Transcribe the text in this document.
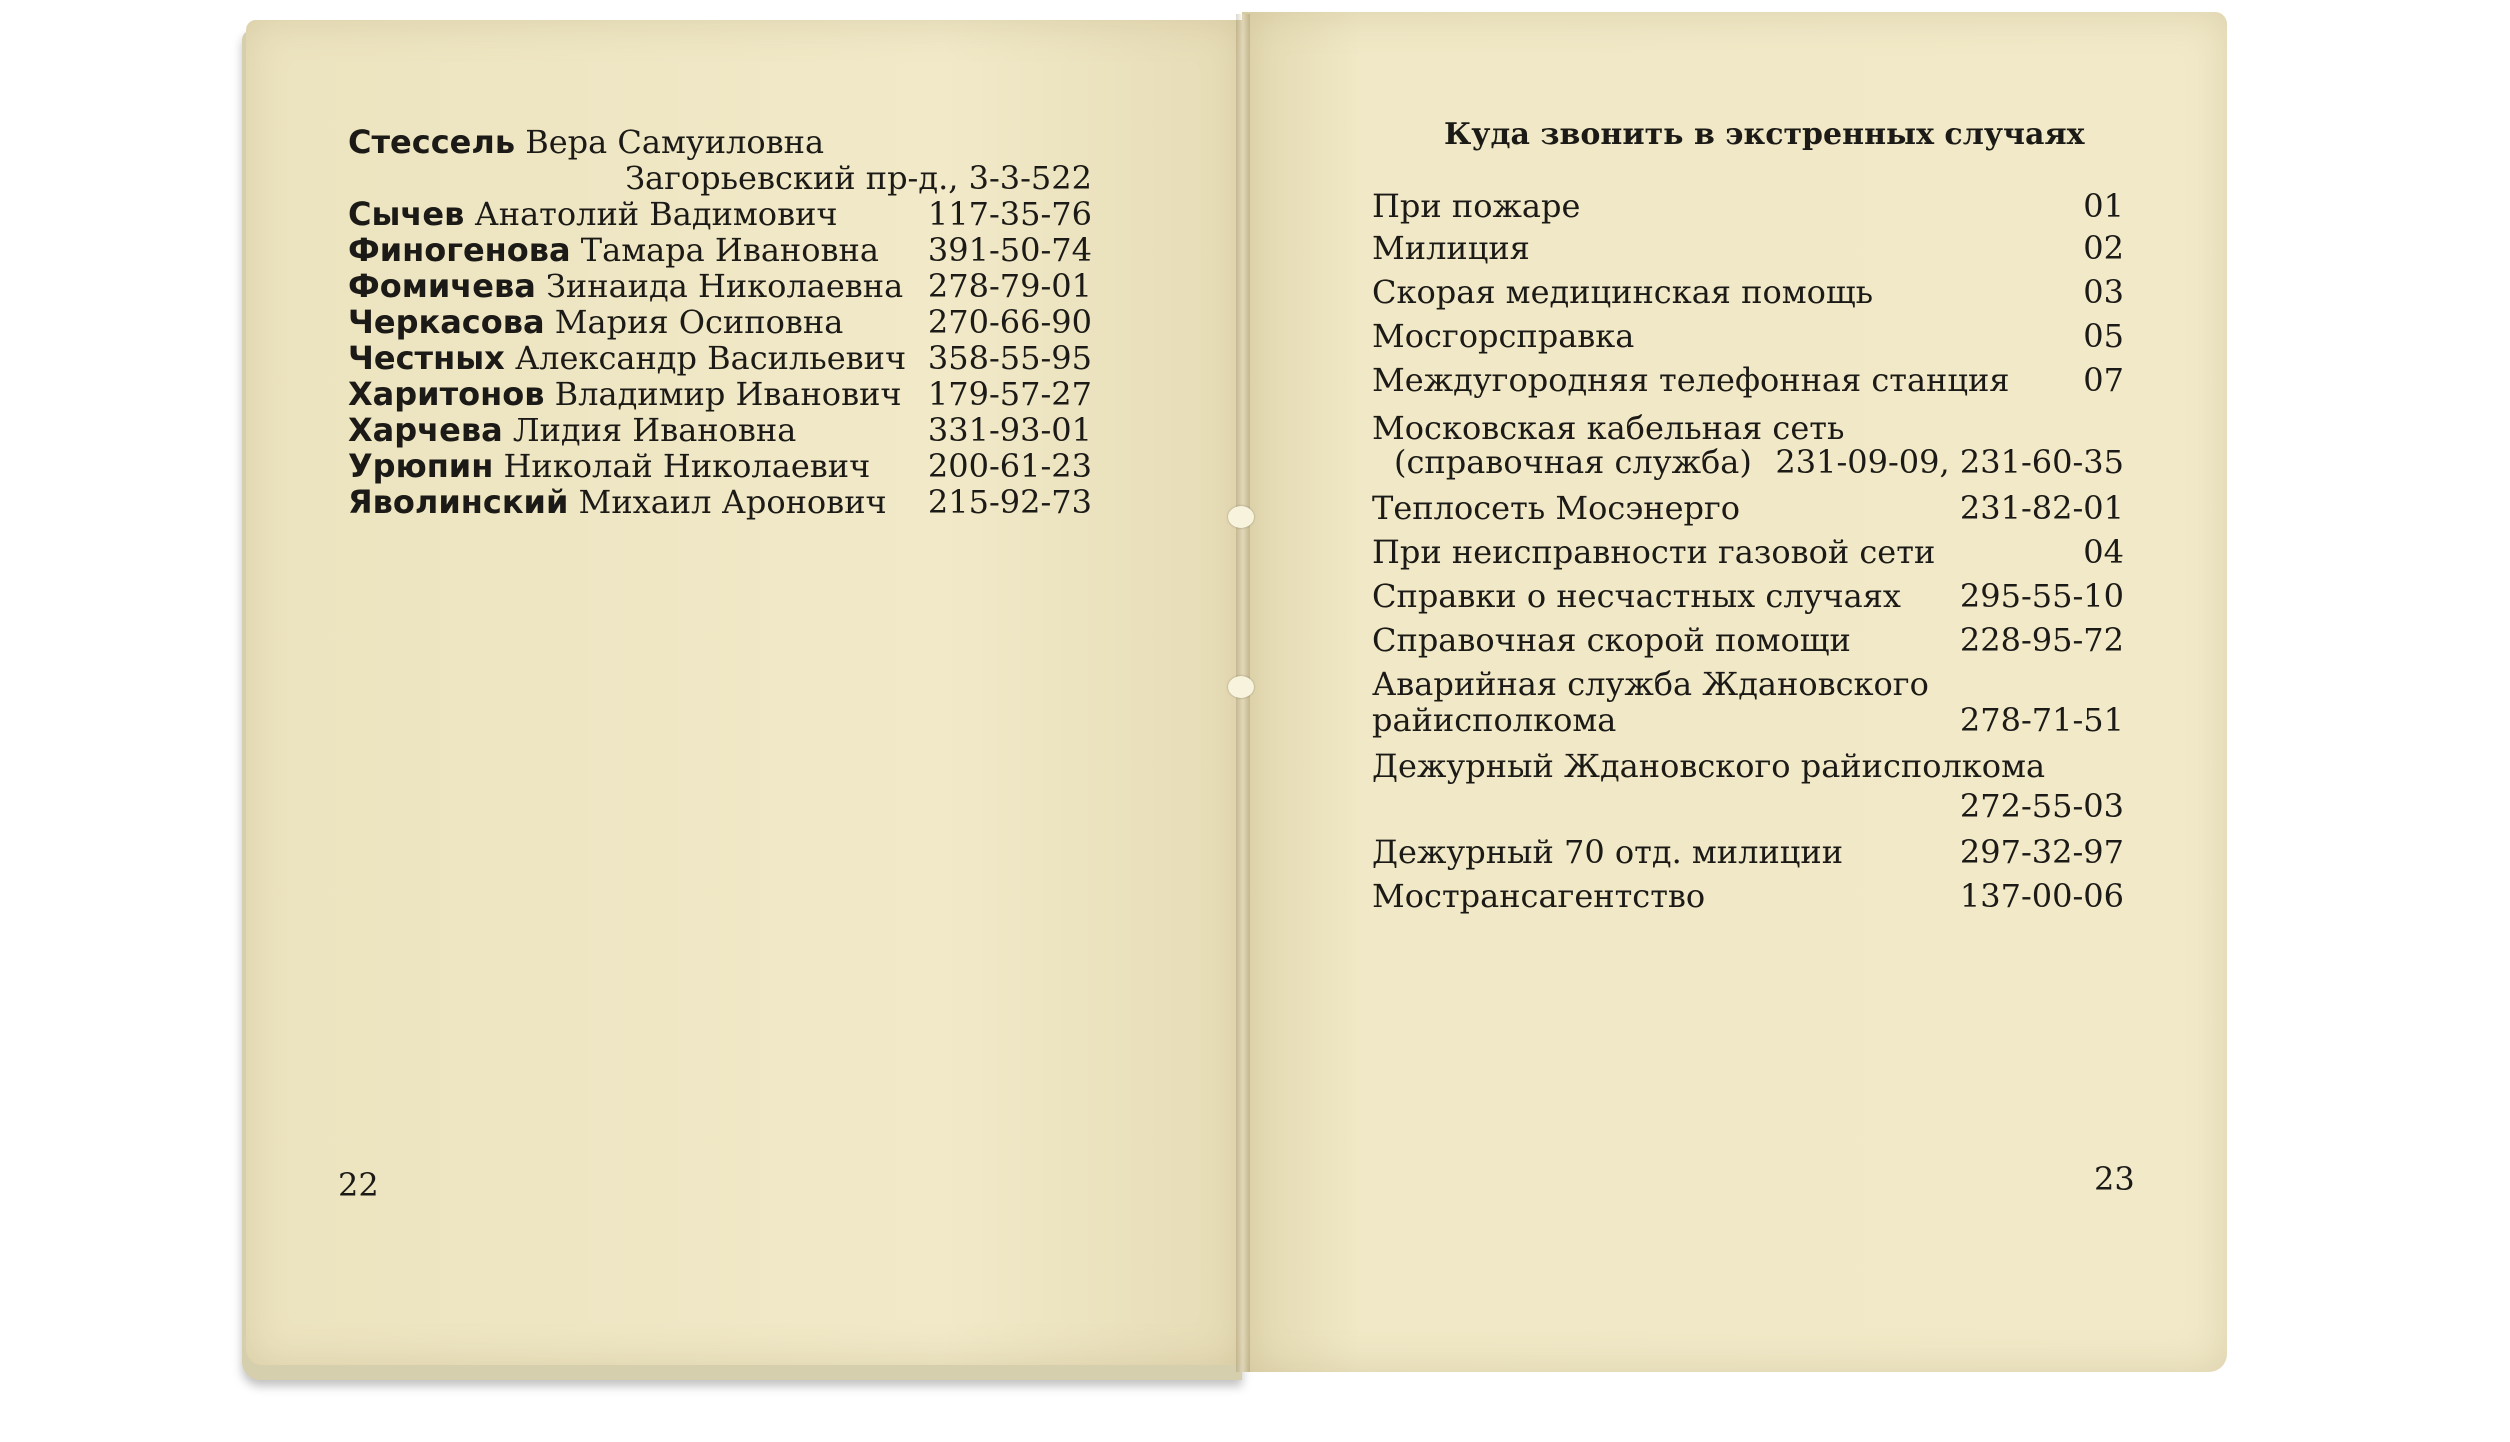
Стессель Вера Самуиловна
Загорьевский пр-д., 3-3-522
Сычев Анатолий Вадимович	117-35-76
Финогенова Тамара Ивановна 391-50-74
Фомичева Зинаида Николаевна 278-79-01
Черкасова Мария Осиповна	270-66-90
Честных Александр Васильевич 358-55-95
Харитонов Владимир Иванович 179-57-27
Харчева Лидия Ивановна	331-93-01
Урюпин Николай Николаевич 200-61-23
Яволинский Михаил Аронович 215-92-73
22
Куда звонить в экстренных случаях
При пожаре	01
Милиция	02
Скорая медицинская помощь	03
Мосгорсправка	05
Междугородняя телефонная станция 07
Московская кабельная сеть
(справочная служба) 231-09-09, 231-60-35
Теплосеть Мосэнерго	231-82-01
При неисправности газовой сети	04
Справки о несчастных случаях 295-55-10
Справочная скорой помощи	228-95-72
Аварийная служба Ждановского
райисполкома	278-71-51
Дежурный Ждановского райисполкома
272-55-03
Дежурный 70 отд. милиции	297-32-97
Мострансагентство	137-00-06
23
